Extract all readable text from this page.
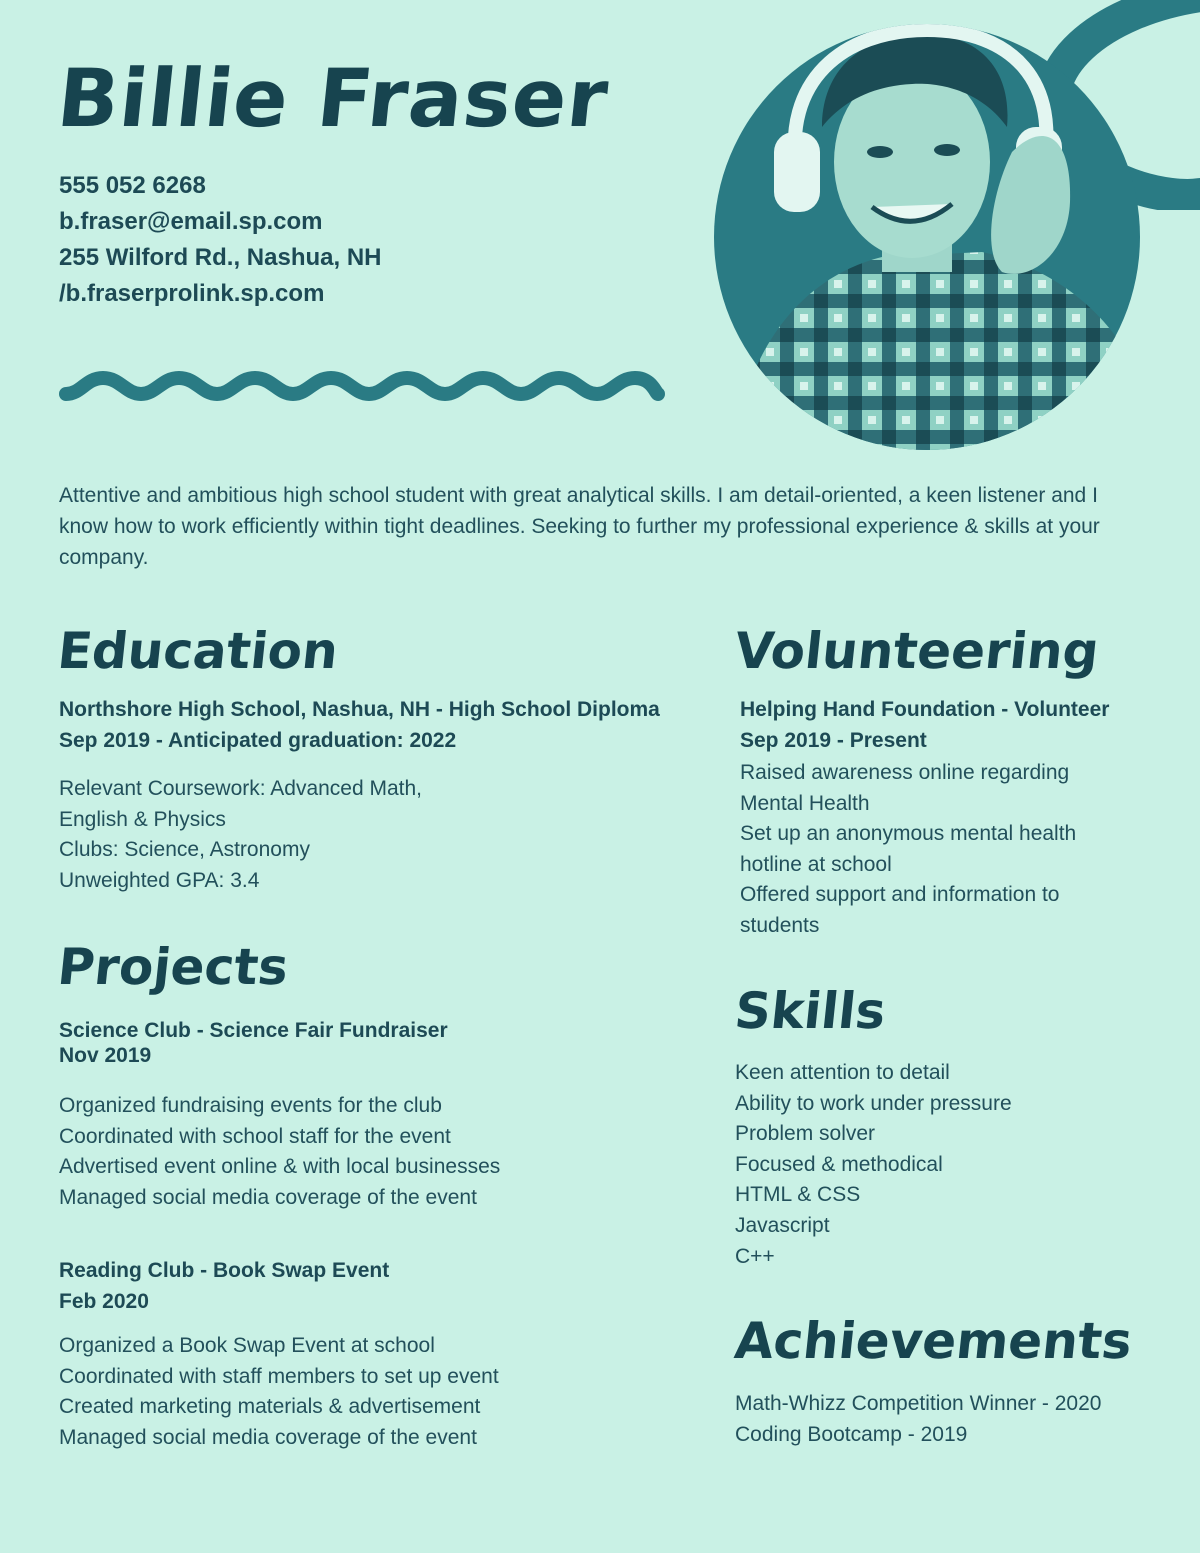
Billie Fraser
555 052 6268
b.fraser@email.sp.com
255 Wilford Rd., Nashua, NH
/b.fraserprolink.sp.com

Attentive and ambitious high school student with great analytical skills. I am detail-oriented, a keen listener and I know how to work efficiently within tight deadlines. Seeking to further my professional experience & skills at your company.

Education
Northshore High School, Nashua, NH - High School Diploma
Sep 2019 - Anticipated graduation: 2022
Relevant Coursework: Advanced Math,
English & Physics
Clubs: Science, Astronomy
Unweighted GPA: 3.4
Projects
Science Club - Science Fair Fundraiser
Nov 2019
Organized fundraising events for the club
Coordinated with school staff for the event
Advertised event online & with local businesses
Managed social media coverage of the event
Reading Club - Book Swap Event
Feb 2020
Organized a Book Swap Event at school
Coordinated with staff members to set up event
Created marketing materials & advertisement
Managed social media coverage of the event
Volunteering
Helping Hand Foundation - Volunteer
Sep 2019 - Present
Raised awareness online regarding
Mental Health
Set up an anonymous mental health
hotline at school
Offered support and information to
students
Skills
Keen attention to detail
Ability to work under pressure
Problem solver
Focused & methodical
HTML & CSS
Javascript
C++
Achievements
Math-Whizz Competition Winner - 2020
Coding Bootcamp - 2019
